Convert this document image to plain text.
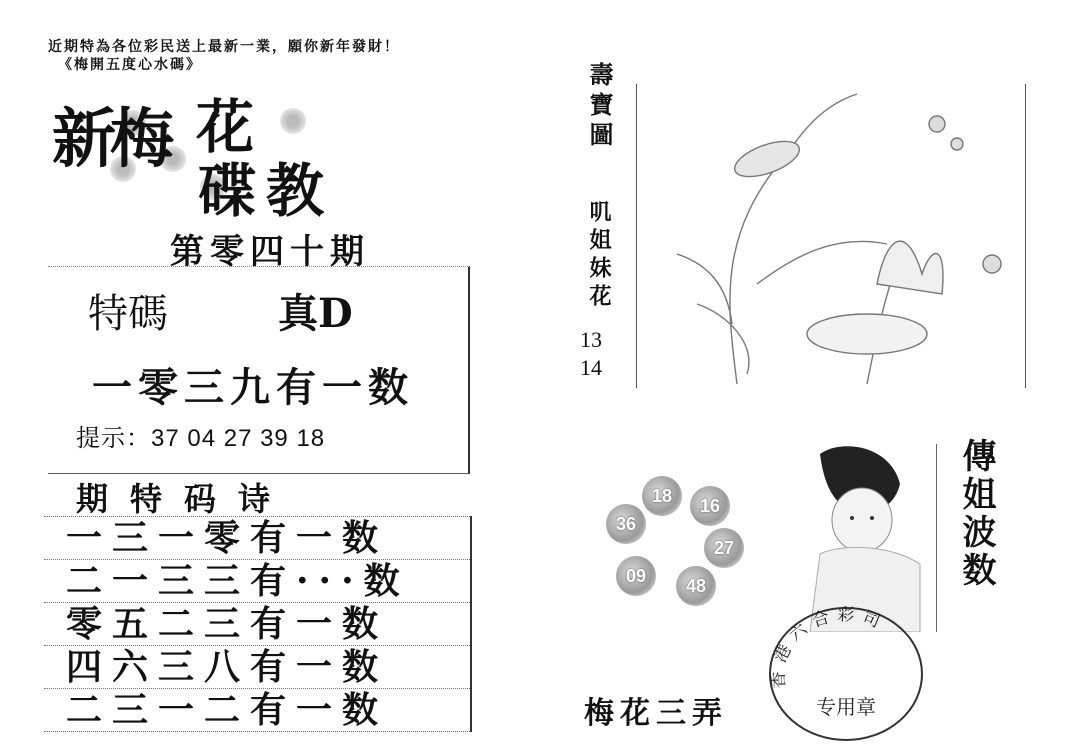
近期特為各位彩民送上最新一業，願你新年發財！
《梅開五度心水碼》
新梅 花
碟教
第零四十期
特碼	真D
一零三九有一数
提示：37 04 27 39 18
期特码诗
一三一零有一数
二一三三有···数
零五二三有一数
四六三八有一数
二三一二有一数
壽寶圖
叽姐妹花
13
14
18	16
36
27
09	48	傳姐波数
梅花三弄
香港六合彩司
专用章
